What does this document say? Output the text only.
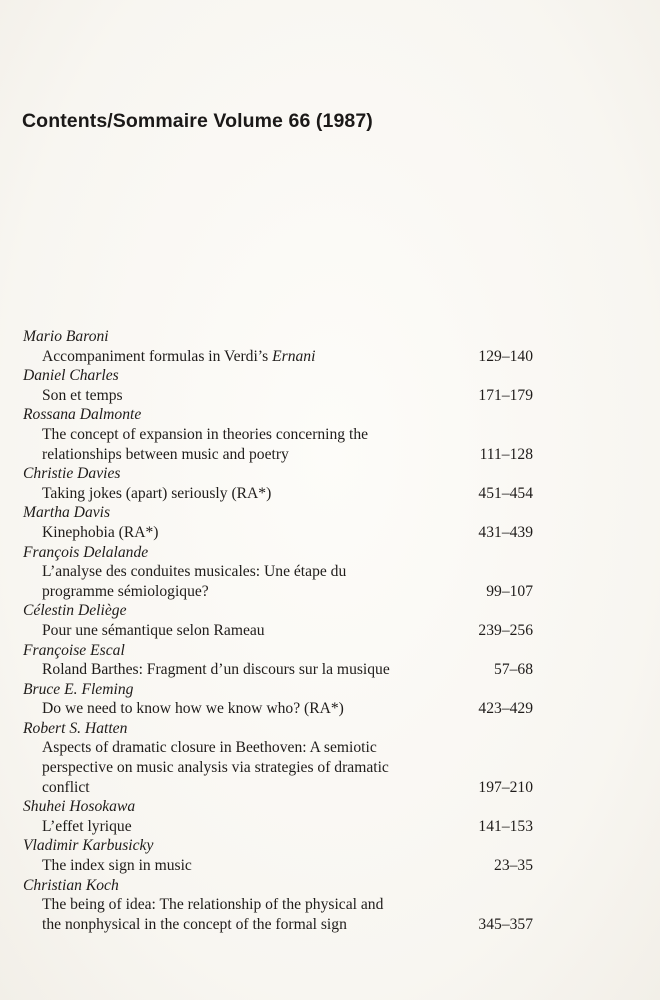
Contents/Sommaire Volume 66 (1987)
Mario Baroni
Accompaniment formulas in Verdi’s Ernani	129–140
Daniel Charles
Son et temps	171–179
Rossana Dalmonte
The concept of expansion in theories concerning the
relationships between music and poetry	111–128
Christie Davies
Taking jokes (apart) seriously (RA*)	451–454
Martha Davis
Kinephobia (RA*)	431–439
François Delalande
L’analyse des conduites musicales: Une étape du
programme sémiologique?	99–107
Célestin Deliège
Pour une sémantique selon Rameau	239–256
Françoise Escal
Roland Barthes: Fragment d’un discours sur la musique	57–68
Bruce E. Fleming
Do we need to know how we know who? (RA*)	423–429
Robert S. Hatten
Aspects of dramatic closure in Beethoven: A semiotic
perspective on music analysis via strategies of dramatic
conflict	197–210
Shuhei Hosokawa
L’effet lyrique	141–153
Vladimir Karbusicky
The index sign in music	23–35
Christian Koch
The being of idea: The relationship of the physical and
the nonphysical in the concept of the formal sign	345–357
